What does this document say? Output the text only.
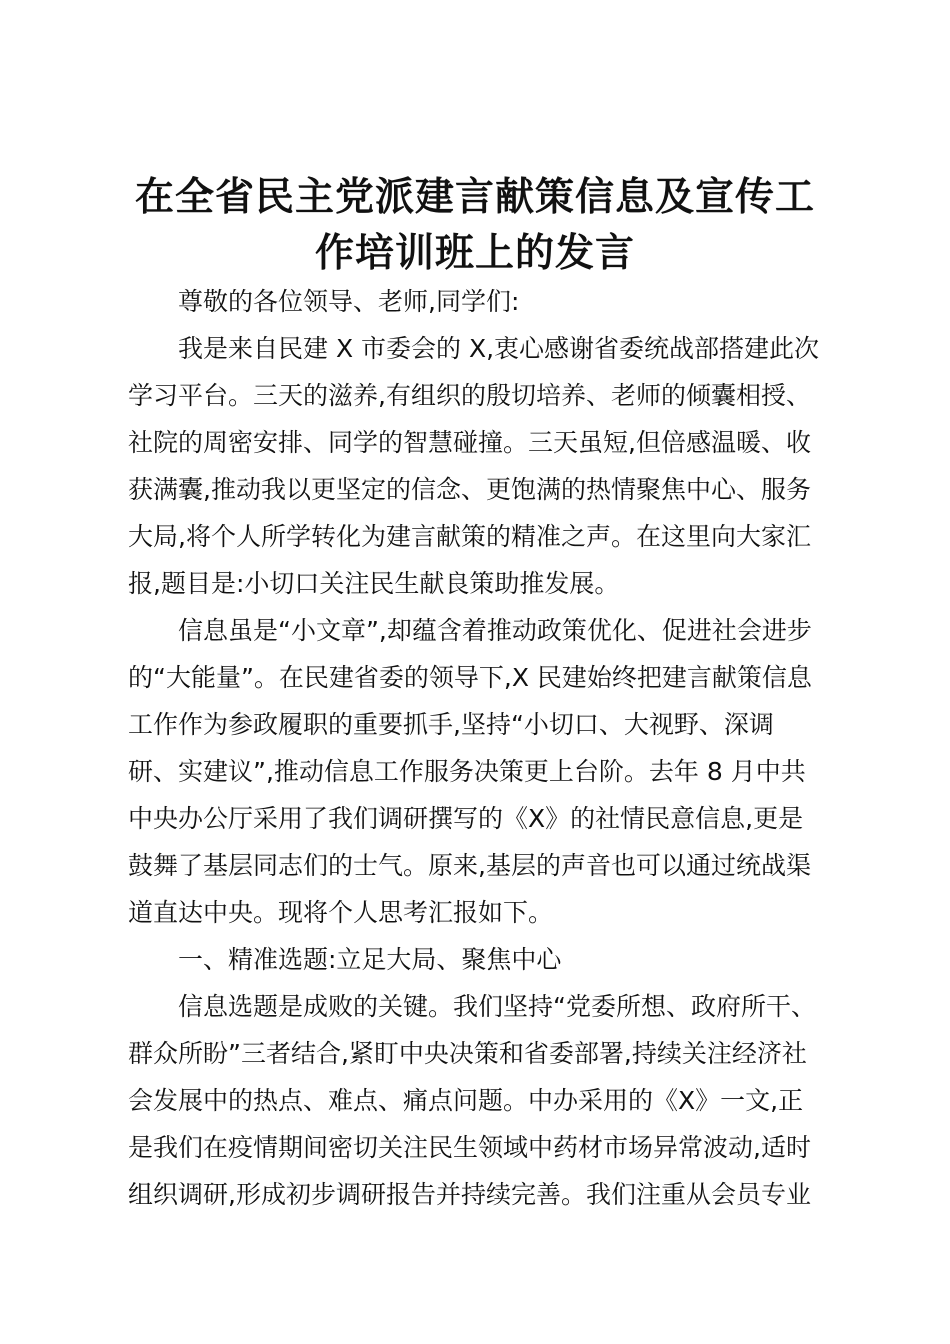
在全省民主党派建言献策信息及宣传工
作培训班上的发言
尊敬的各位领导、老师,同学们:
我是来自民建 X 市委会的 X,衷心感谢省委统战部搭建此次
学习平台。三天的滋养,有组织的殷切培养、老师的倾囊相授、
社院的周密安排、同学的智慧碰撞。三天虽短,但倍感温暖、收
获满囊,推动我以更坚定的信念、更饱满的热情聚焦中心、服务
大局,将个人所学转化为建言献策的精准之声。在这里向大家汇
报,题目是:小切口关注民生献良策助推发展。
信息虽是“小文章”,却蕴含着推动政策优化、促进社会进步
的“大能量”。在民建省委的领导下,X 民建始终把建言献策信息
工作作为参政履职的重要抓手,坚持“小切口、大视野、深调
研、实建议”,推动信息工作服务决策更上台阶。去年 8 月中共
中央办公厅采用了我们调研撰写的《X》的社情民意信息,更是
鼓舞了基层同志们的士气。原来,基层的声音也可以通过统战渠
道直达中央。现将个人思考汇报如下。
一、精准选题:立足大局、聚焦中心
信息选题是成败的关键。我们坚持“党委所想、政府所干、
群众所盼”三者结合,紧盯中央决策和省委部署,持续关注经济社
会发展中的热点、难点、痛点问题。中办采用的《X》一文,正
是我们在疫情期间密切关注民生领域中药材市场异常波动,适时
组织调研,形成初步调研报告并持续完善。我们注重从会员专业
